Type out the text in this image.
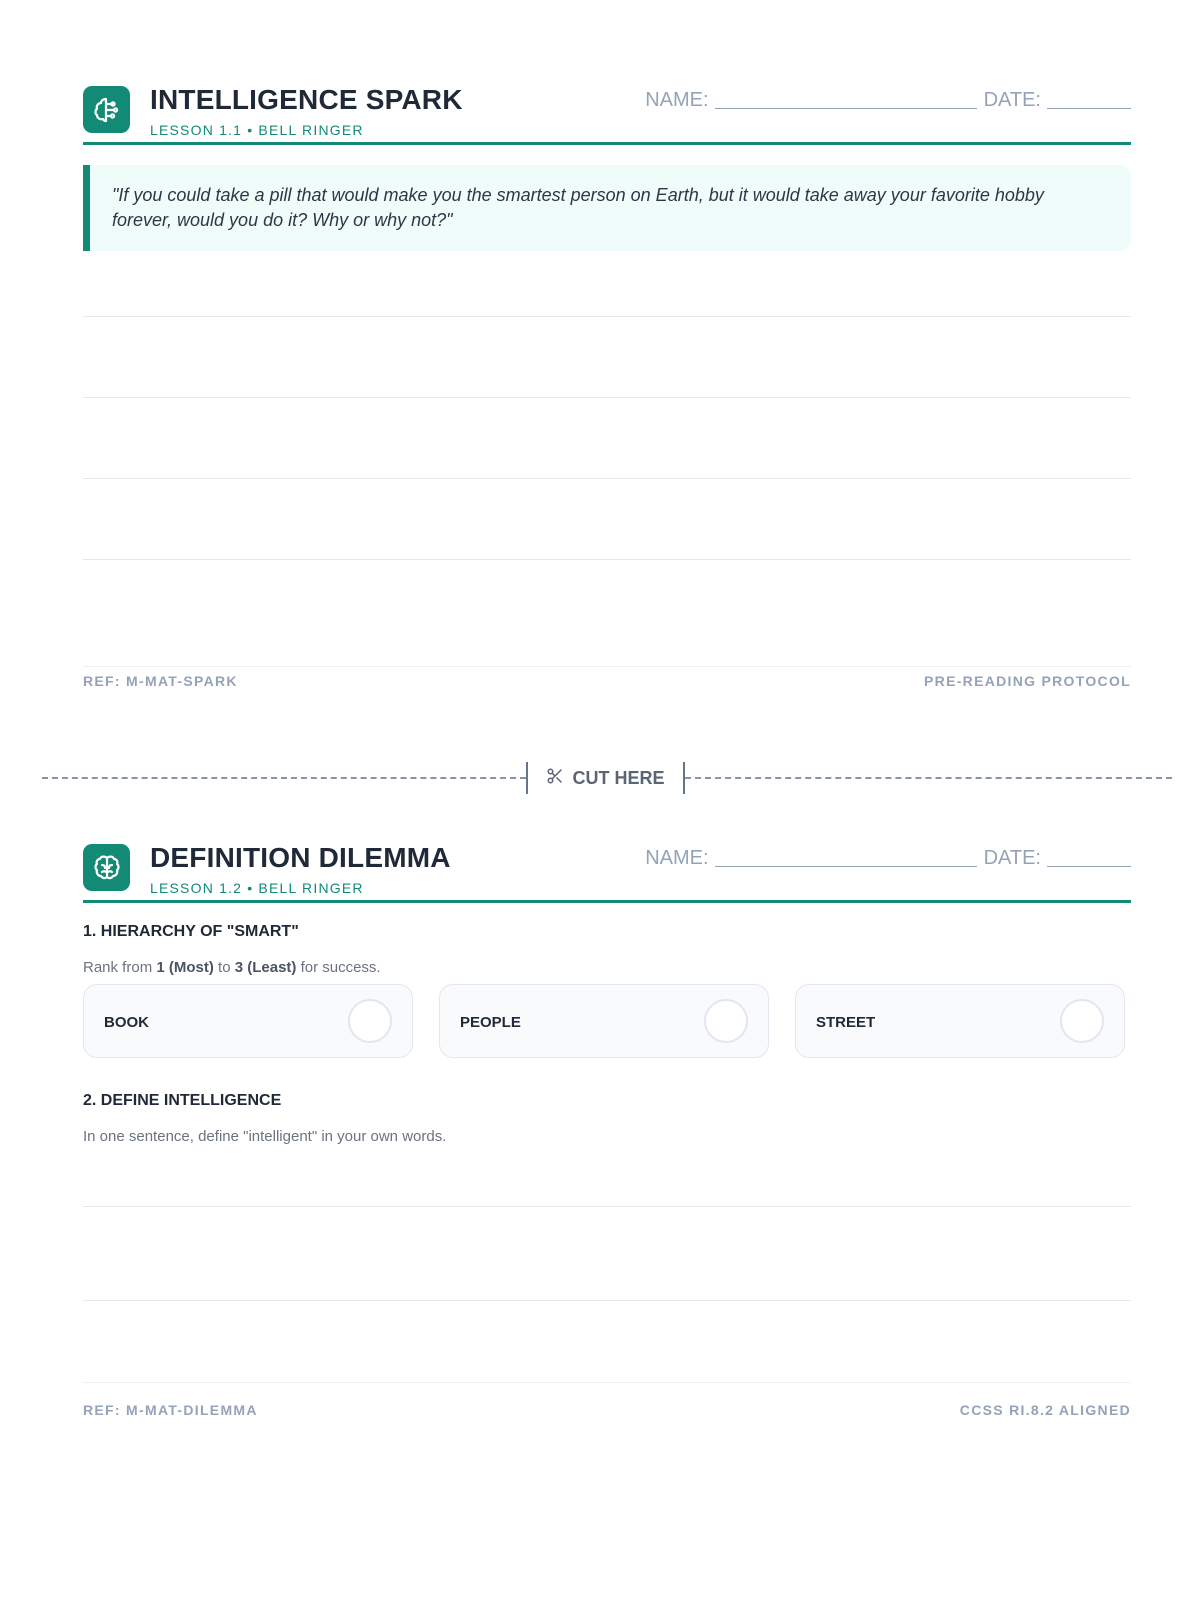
INTELLIGENCE SPARK
LESSON 1.1 • BELL RINGER
NAME:	DATE:
"If you could take a pill that would make you the smartest person on Earth, but it would take away your favorite hobby forever, would you do it? Why or why not?"
REF: M-MAT-SPARK	PRE-READING PROTOCOL
CUT HERE
DEFINITION DILEMMA
LESSON 1.2 • BELL RINGER
NAME:	DATE:
1. HIERARCHY OF "SMART"
Rank from 1 (Most) to 3 (Least) for success.
BOOK	PEOPLE	STREET
2. DEFINE INTELLIGENCE
In one sentence, define "intelligent" in your own words.
REF: M-MAT-DILEMMA	CCSS RI.8.2 ALIGNED
